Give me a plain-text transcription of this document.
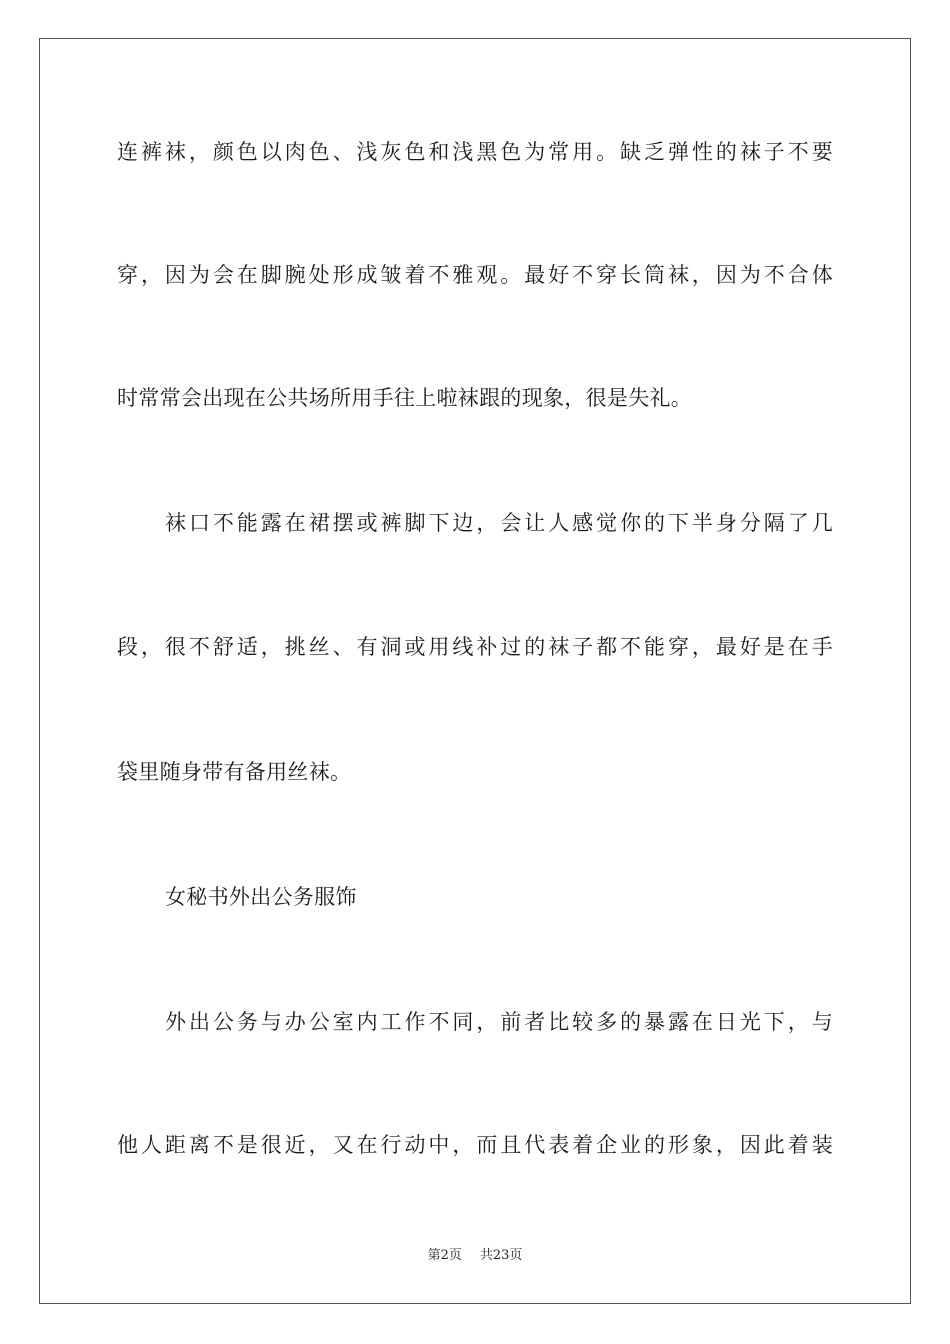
连裤袜，颜色以肉色、浅灰色和浅黑色为常用。缺乏弹性的袜子不要
穿，因为会在脚腕处形成皱着不雅观。最好不穿长筒袜，因为不合体
时常常会出现在公共场所用手往上啦袜跟的现象，很是失礼。
袜口不能露在裙摆或裤脚下边，会让人感觉你的下半身分隔了几
段，很不舒适，挑丝、有洞或用线补过的袜子都不能穿，最好是在手
袋里随身带有备用丝袜。
女秘书外出公务服饰
外出公务与办公室内工作不同，前者比较多的暴露在日光下，与
他人距离不是很近，又在行动中，而且代表着企业的形象，因此着装
第2页 共23页
